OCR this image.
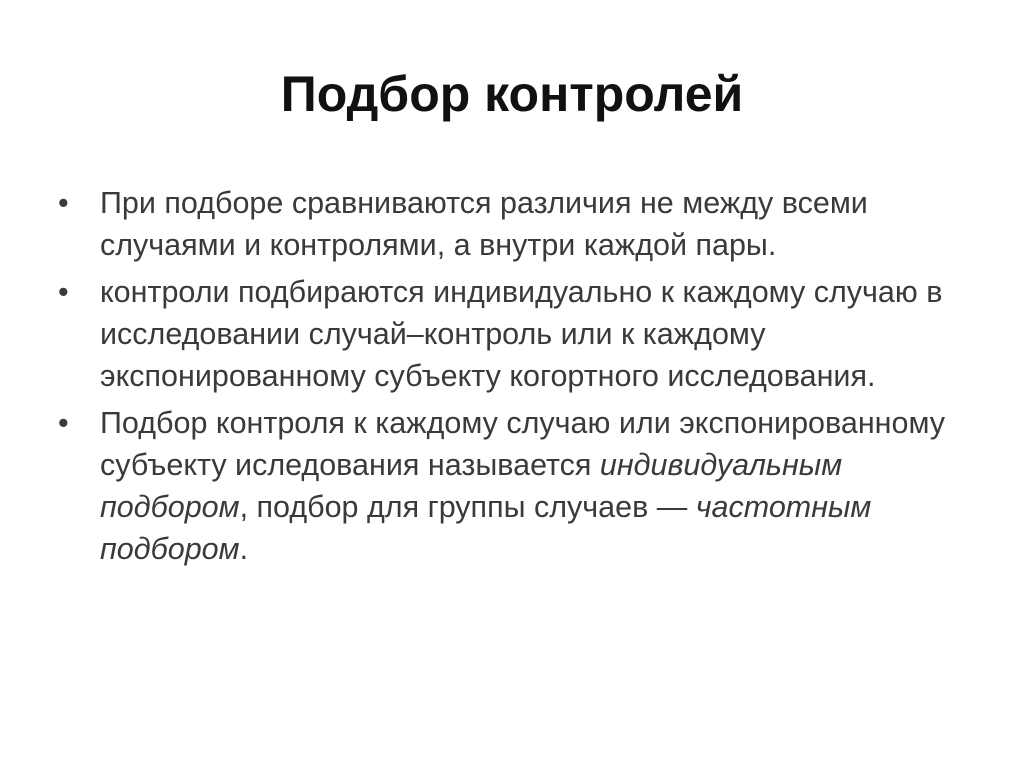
Подбор контролей
•	При подборе сравниваются различия не между всеми случаями и контролями, а внутри каждой пары.
•	контроли подбираются индивидуально к каждому случаю в исследовании случай–контроль или к каждому экспонированному субъекту когортного исследования.
•	Подбор контроля к каждому случаю или экспонированному субъекту иследования называется индивидуальным подбором, подбор для группы случаев — частотным подбором.
